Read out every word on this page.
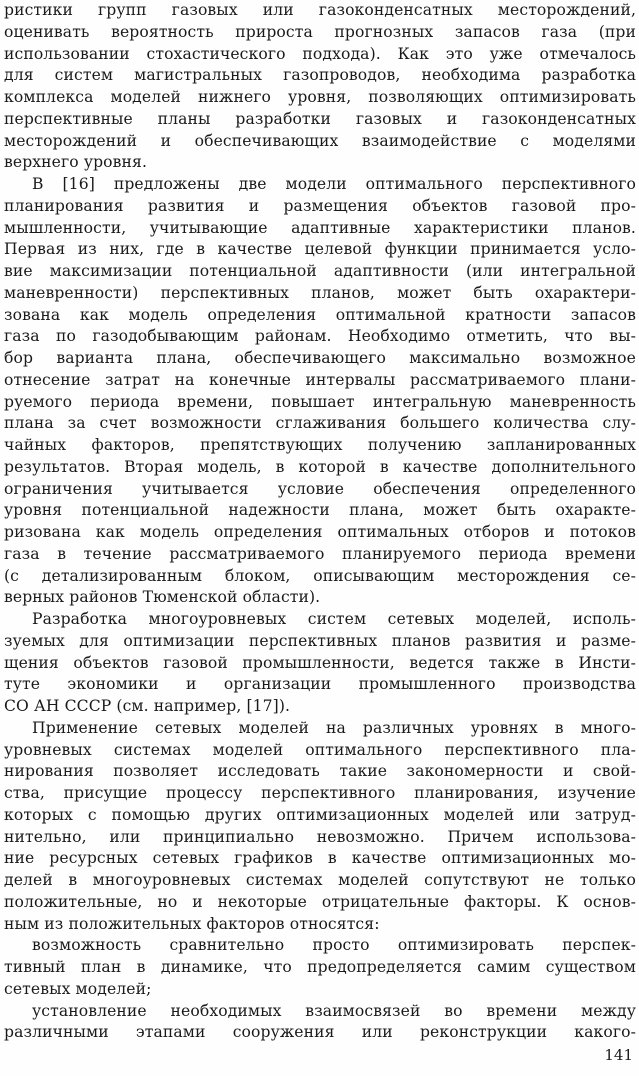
ристики групп газовых или газоконденсатных месторождений,
оценивать вероятность прироста прогнозных запасов газа (при
использовании стохастического подхода). Как это уже отмечалось
для систем магистральных газопроводов, необходима разработка
комплекса моделей нижнего уровня, позволяющих оптимизировать
перспективные планы разработки газовых и газоконденсатных
месторождений и обеспечивающих взаимодействие с моделями
верхнего уровня.
В [16] предложены две модели оптимального перспективного
планирования развития и размещения объектов газовой про-
мышленности, учитывающие адаптивные характеристики планов.
Первая из них, где в качестве целевой функции принимается усло-
вие максимизации потенциальной адаптивности (или интегральной
маневренности) перспективных планов, может быть охарактери-
зована как модель определения оптимальной кратности запасов
газа по газодобывающим районам. Необходимо отметить, что вы-
бор варианта плана, обеспечивающего максимально возможное
отнесение затрат на конечные интервалы рассматриваемого плани-
руемого периода времени, повышает интегральную маневренность
плана за счет возможности сглаживания большего количества слу-
чайных факторов, препятствующих получению запланированных
результатов. Вторая модель, в которой в качестве дополнительного
ограничения учитывается условие обеспечения определенного
уровня потенциальной надежности плана, может быть охаракте-
ризована как модель определения оптимальных отборов и потоков
газа в течение рассматриваемого планируемого периода времени
(с детализированным блоком, описывающим месторождения се-
верных районов Тюменской области).
Разработка многоуровневых систем сетевых моделей, исполь-
зуемых для оптимизации перспективных планов развития и разме-
щения объектов газовой промышленности, ведется также в Инсти-
туте экономики и организации промышленного производства
СО АН СССР (см. например, [17]).
Применение сетевых моделей на различных уровнях в много-
уровневых системах моделей оптимального перспективного пла-
нирования позволяет исследовать такие закономерности и свой-
ства, присущие процессу перспективного планирования, изучение
которых с помощью других оптимизационных моделей или затруд-
нительно, или принципиально невозможно. Причем использова-
ние ресурсных сетевых графиков в качестве оптимизационных мо-
делей в многоуровневых системах моделей сопутствуют не только
положительные, но и некоторые отрицательные факторы. К основ-
ным из положительных факторов относятся:
возможность сравнительно просто оптимизировать перспек-
тивный план в динамике, что предопределяется самим существом
сетевых моделей;
установление необходимых взаимосвязей во времени между
различными этапами сооружения или реконструкции какого-
141
